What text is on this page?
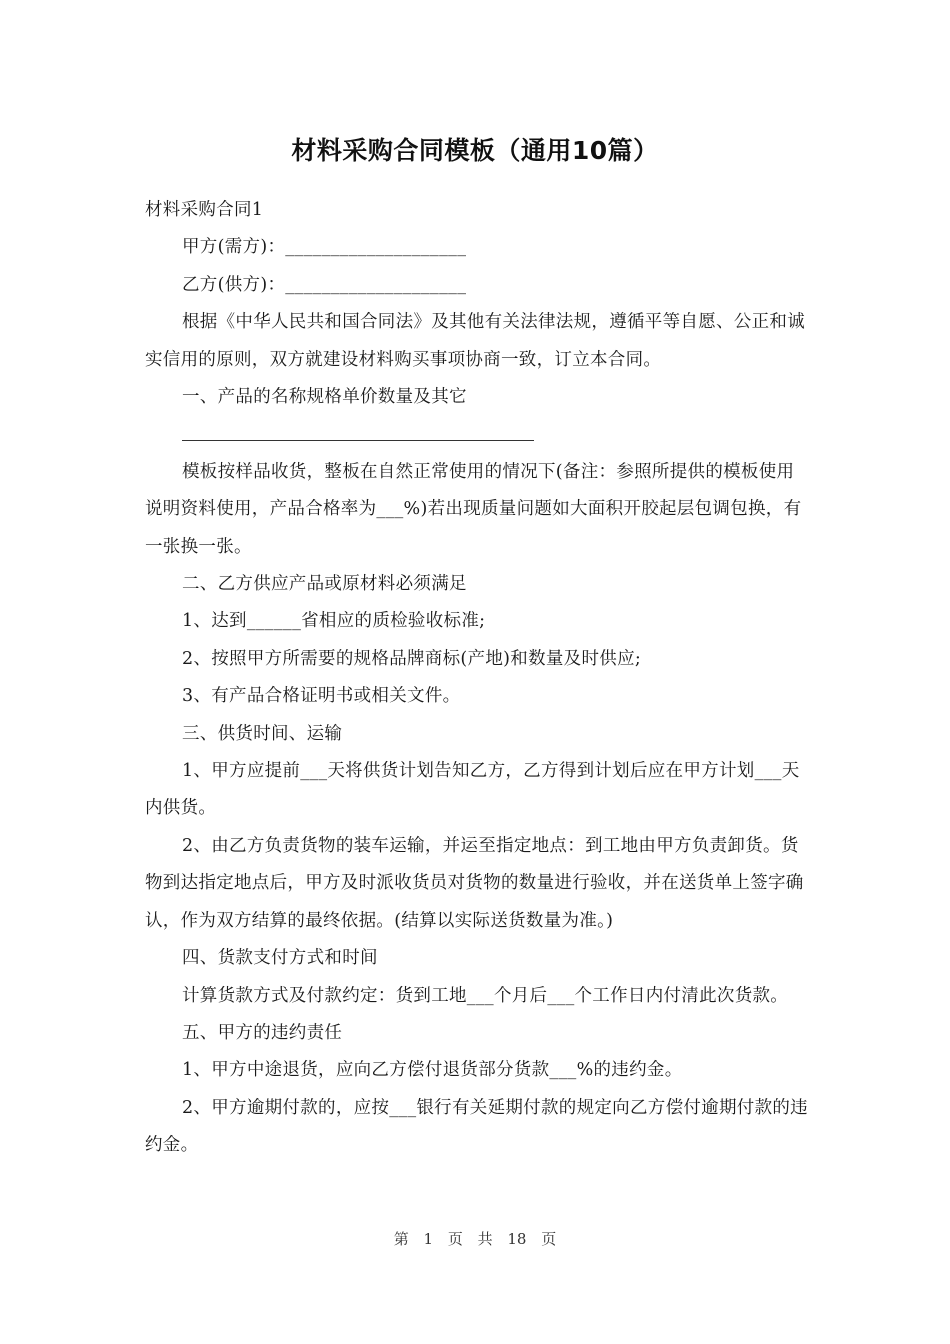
材料采购合同模板（通用10篇）

材料采购合同1

甲方(需方)：____________________

乙方(供方)：____________________

根据《中华人民共和国合同法》及其他有关法律法规，遵循平等自愿、公正和诚实信用的原则，双方就建设材料购买事项协商一致，订立本合同。

一、产品的名称规格单价数量及其它

模板按样品收货，整板在自然正常使用的情况下(备注：参照所提供的模板使用说明资料使用，产品合格率为___%)若出现质量问题如大面积开胶起层包调包换，有一张换一张。

二、乙方供应产品或原材料必须满足

1、达到______省相应的质检验收标准;

2、按照甲方所需要的规格品牌商标(产地)和数量及时供应;

3、有产品合格证明书或相关文件。

三、供货时间、运输

1、甲方应提前___天将供货计划告知乙方，乙方得到计划后应在甲方计划___天内供货。

2、由乙方负责货物的装车运输，并运至指定地点：到工地由甲方负责卸货。货物到达指定地点后，甲方及时派收货员对货物的数量进行验收，并在送货单上签字确认，作为双方结算的最终依据。(结算以实际送货数量为准。)

四、货款支付方式和时间

计算货款方式及付款约定：货到工地___个月后___个工作日内付清此次货款。

五、甲方的违约责任

1、甲方中途退货，应向乙方偿付退货部分货款___%的违约金。

2、甲方逾期付款的，应按___银行有关延期付款的规定向乙方偿付逾期付款的违约金。

第 1 页 共 18 页
